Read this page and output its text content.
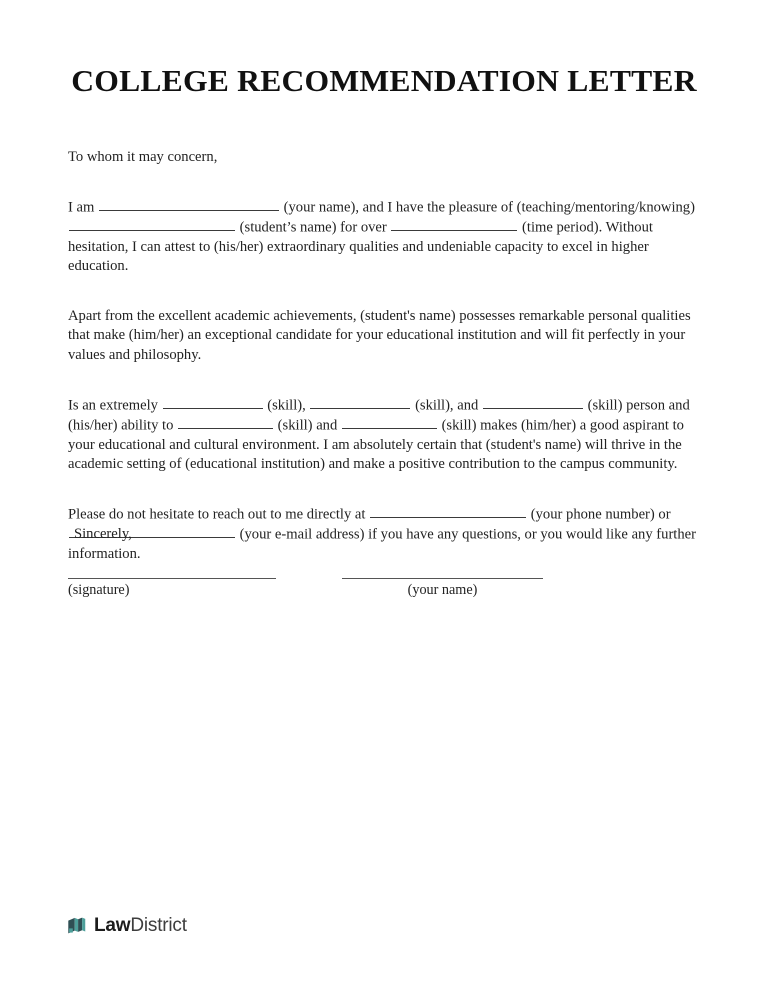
COLLEGE RECOMMENDATION LETTER

To whom it may concern,

I am	(your name), and I have the pleasure of (teaching/mentoring/knowing)  (student’s name) for over	(time period). Without hesitation, I can attest to (his/her) extraordinary qualities and undeniable capacity to excel in higher education.

Apart from the excellent academic achievements, (student's name) possesses remarkable personal qualities that make (him/her) an exceptional candidate for your educational institution and will fit perfectly in your values and philosophy.

Is an extremely	(skill),	(skill), and	(skill) person and (his/her) ability to	(skill) and	(skill) makes (him/her) a good aspirant to your educational and cultural environment. I am absolutely certain that (student's name) will thrive in the academic setting of (educational institution) and make a positive contribution to the campus community.

Please do not hesitate to reach out to me directly at	(your phone number) or  (your e-mail address) if you have any questions, or you would like any further information.

Sincerely,
(signature)	(your name)
LawDistrict
